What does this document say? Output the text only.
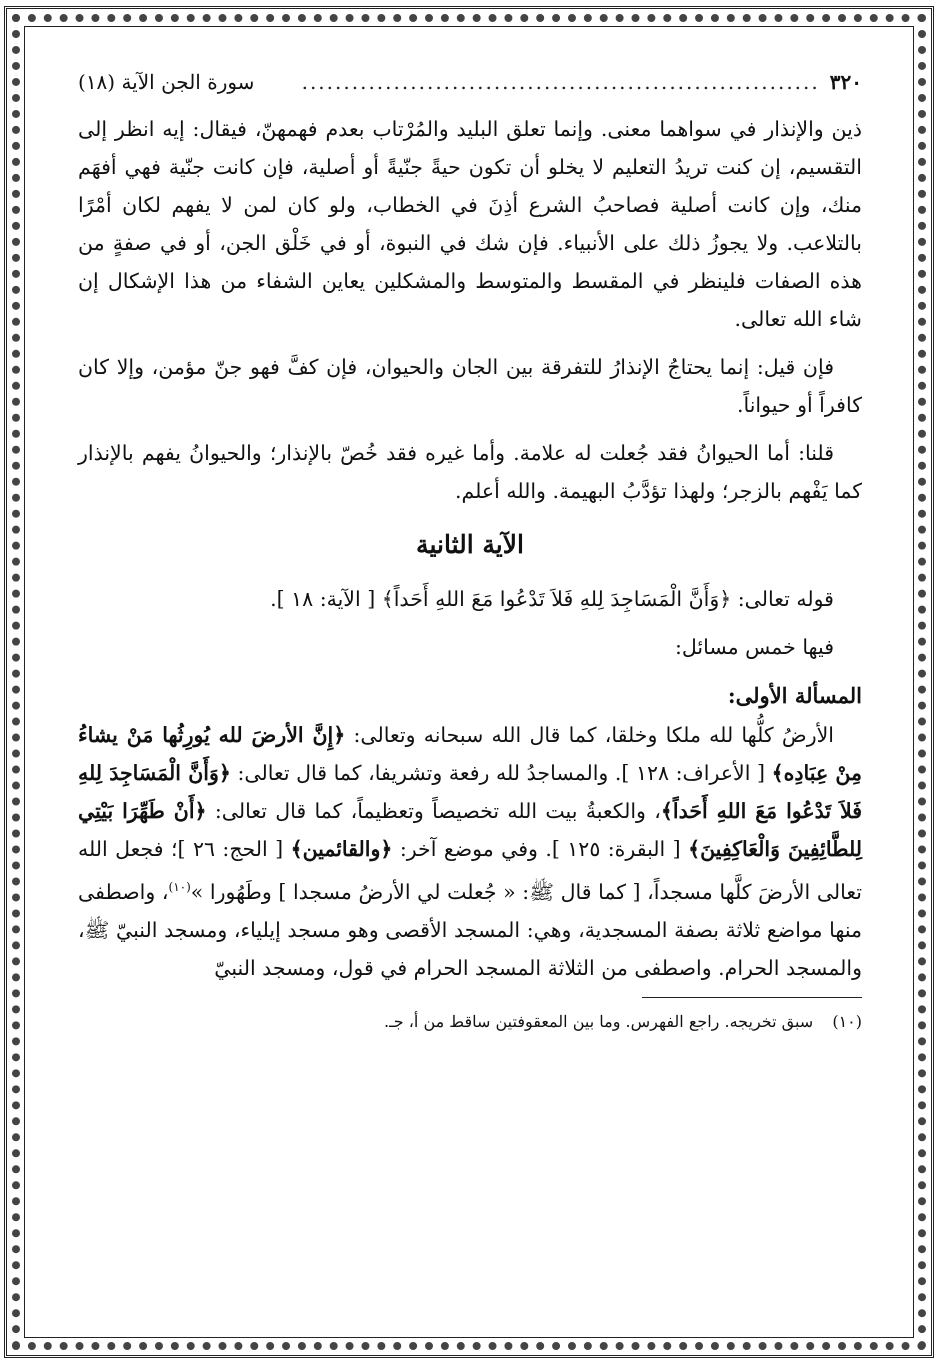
٣٢٠
.....
سورة الجن الآية (١٨)

ذين والإنذار في سواهما معنى. وإنما تعلق البليد والمُرْتاب بعدم فهمهنّ، فيقال: إيه انظر إلى التقسيم، إن كنت تريدُ التعليم لا يخلو أن تكون حيةً جنّيةً أو أصلية، فإن كانت جنّية فهي أفهَم منك، وإن كانت أصلية فصاحبُ الشرع أذِنَ في الخطاب، ولو كان لمن لا يفهم لكان أمْرًا بالتلاعب. ولا يجوزُ ذلك على الأنبياء. فإن شك في النبوة، أو في خَلْق الجن، أو في صفةٍ من هذه الصفات فلينظر في المقسط والمتوسط والمشكلين يعاين الشفاء من هذا الإشكال إن شاء الله تعالى.

فإن قيل: إنما يحتاجُ الإنذارُ للتفرقة بين الجان والحيوان، فإن كفَّ فهو جنّ مؤمن، وإلا كان كافراً أو حيواناً.

قلنا: أما الحيوانُ فقد جُعلت له علامة. وأما غيره فقد خُصّ بالإنذار؛ والحيوانُ يفهم بالإنذار كما يَفْهم بالزجر؛ ولهذا تؤدَّبُ البهيمة. والله أعلم.

الآية الثانية

قوله تعالى: ﴿وَأَنَّ الْمَسَاجِدَ لِلهِ فَلاَ تَدْعُوا مَعَ اللهِ أَحَداً﴾ [ الآية: ١٨ ].

فيها خمس مسائل:

المسألة الأولى:

الأرضُ كلُّها لله ملكا وخلقا، كما قال الله سبحانه وتعالى: ﴿إِنَّ الأرضَ لله يُورِثُها مَنْ يشاءُ مِنْ عِبَادِه﴾ [ الأعراف: ١٢٨ ]. والمساجدُ لله رفعة وتشريفا، كما قال تعالى: ﴿وَأَنَّ الْمَسَاجِدَ لِلهِ فَلاَ تَدْعُوا مَعَ اللهِ أَحَداً﴾، والكعبةُ بيت الله تخصيصاً وتعظيماً، كما قال تعالى: ﴿أَنْ طَهِّرَا بَيْتِي لِلطَّائِفِينَ وَالْعَاكِفِينَ﴾ [ البقرة: ١٢٥ ]. وفي موضع آخر: ﴿والقائمين﴾ [ الحج: ٢٦ ]؛ فجعل الله تعالى الأرضَ كلَّها مسجداً، [ كما قال ﷺ: « جُعلت لي الأرضُ مسجدا ] وطَهُورا »$^{(١٠)}$، واصطفى منها مواضع ثلاثة بصفة المسجدية، وهي: المسجد الأقصى وهو مسجد إيلياء، ومسجد النبيّ ﷺ، والمسجد الحرام. واصطفى من الثلاثة المسجد الحرام في قول، ومسجد النبيّ

(١٠) سبق تخريجه. راجع الفهرس. وما بين المعقوفتين ساقط من أ، جـ.
